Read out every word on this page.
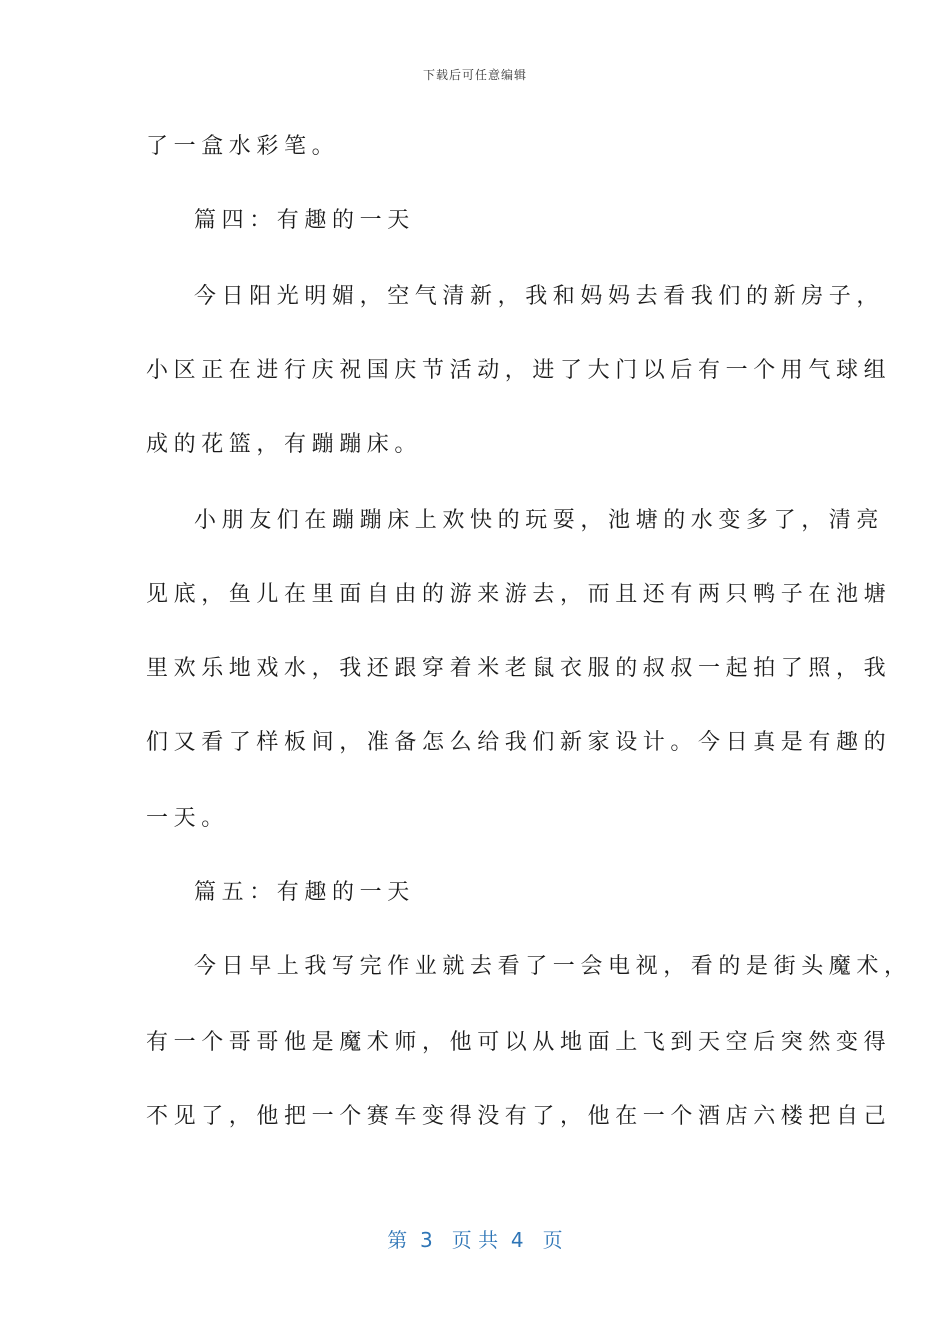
下载后可任意编辑
了一盒水彩笔。
篇四：有趣的一天
今日阳光明媚，空气清新，我和妈妈去看我们的新房子，
小区正在进行庆祝国庆节活动，进了大门以后有一个用气球组
成的花篮，有蹦蹦床。
小朋友们在蹦蹦床上欢快的玩耍，池塘的水变多了，清亮
见底，鱼儿在里面自由的游来游去，而且还有两只鸭子在池塘
里欢乐地戏水，我还跟穿着米老鼠衣服的叔叔一起拍了照，我
们又看了样板间，准备怎么给我们新家设计。今日真是有趣的
一天。
篇五：有趣的一天
今日早上我写完作业就去看了一会电视，看的是街头魔术，
有一个哥哥他是魔术师，他可以从地面上飞到天空后突然变得
不见了，他把一个赛车变得没有了，他在一个酒店六楼把自己
第  3   页 共  4   页
